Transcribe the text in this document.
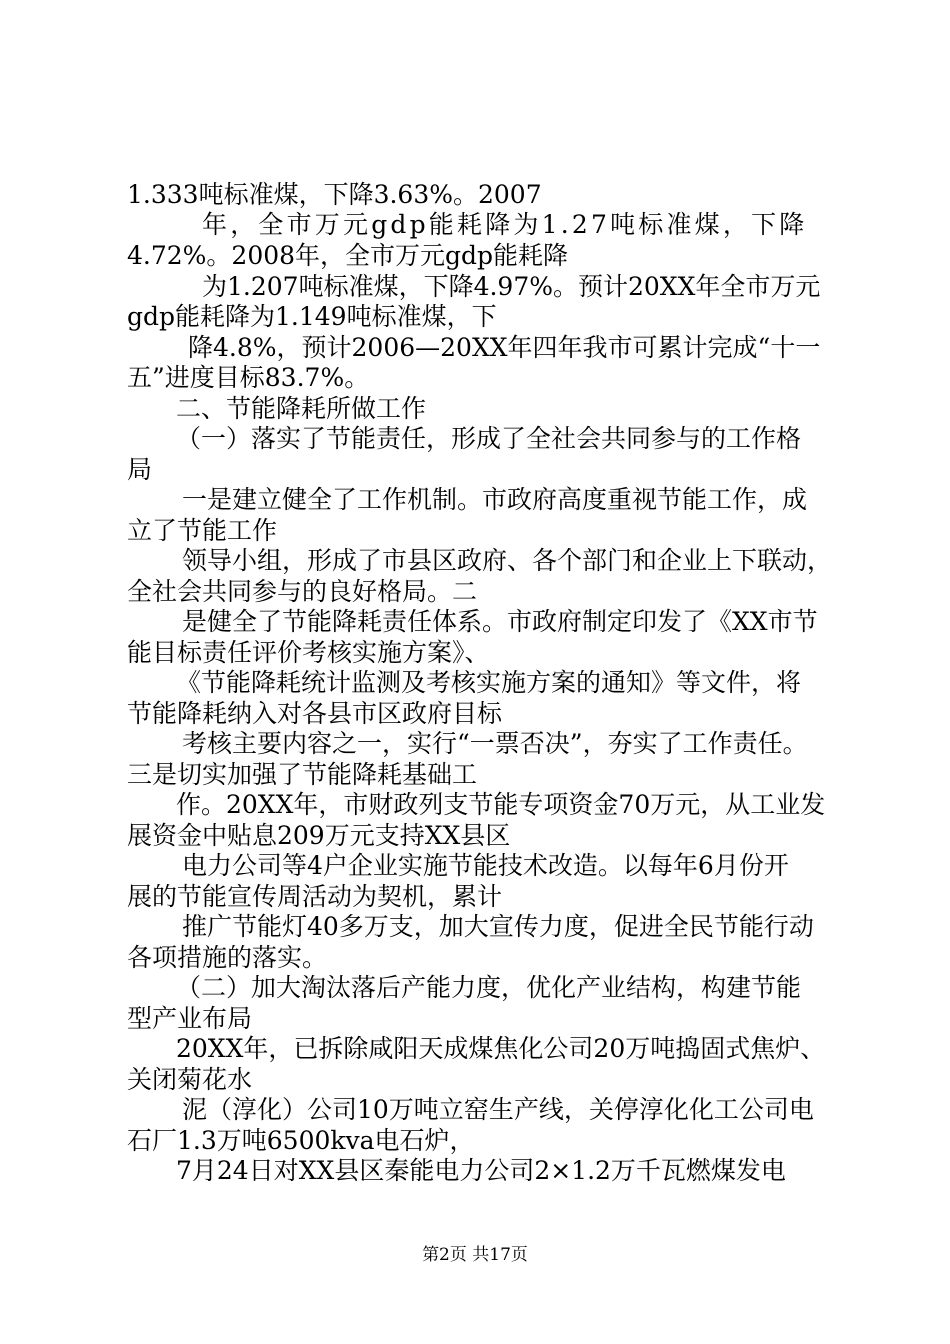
1.333吨标准煤，下降3.63%。2007
年，全市万元gdp能耗降为1.27吨标准煤，下降
4.72%。2008年，全市万元gdp能耗降
为1.207吨标准煤，下降4.97%。预计20XX年全市万元
gdp能耗降为1.149吨标准煤，下
降4.8%，预计2006—20XX年四年我市可累计完成“十一
五”进度目标83.7%。
二、节能降耗所做工作
（一）落实了节能责任，形成了全社会共同参与的工作格
局
一是建立健全了工作机制。市政府高度重视节能工作，成
立了节能工作
领导小组，形成了市县区政府、各个部门和企业上下联动，
全社会共同参与的良好格局。二
是健全了节能降耗责任体系。市政府制定印发了《XX市节
能目标责任评价考核实施方案》、
《节能降耗统计监测及考核实施方案的通知》等文件，将
节能降耗纳入对各县市区政府目标
考核主要内容之一，实行“一票否决”，夯实了工作责任。
三是切实加强了节能降耗基础工
作。20XX年，市财政列支节能专项资金70万元，从工业发
展资金中贴息209万元支持XX县区
电力公司等4户企业实施节能技术改造。以每年6月份开
展的节能宣传周活动为契机，累计
推广节能灯40多万支，加大宣传力度，促进全民节能行动
各项措施的落实。
（二）加大淘汰落后产能力度，优化产业结构，构建节能
型产业布局
20XX年，已拆除咸阳天成煤焦化公司20万吨捣固式焦炉、
关闭菊花水
泥（淳化）公司10万吨立窑生产线，关停淳化化工公司电
石厂1.3万吨6500kva电石炉，
7月24日对XX县区秦能电力公司2×1.2万千瓦燃煤发电
第2页 共17页
